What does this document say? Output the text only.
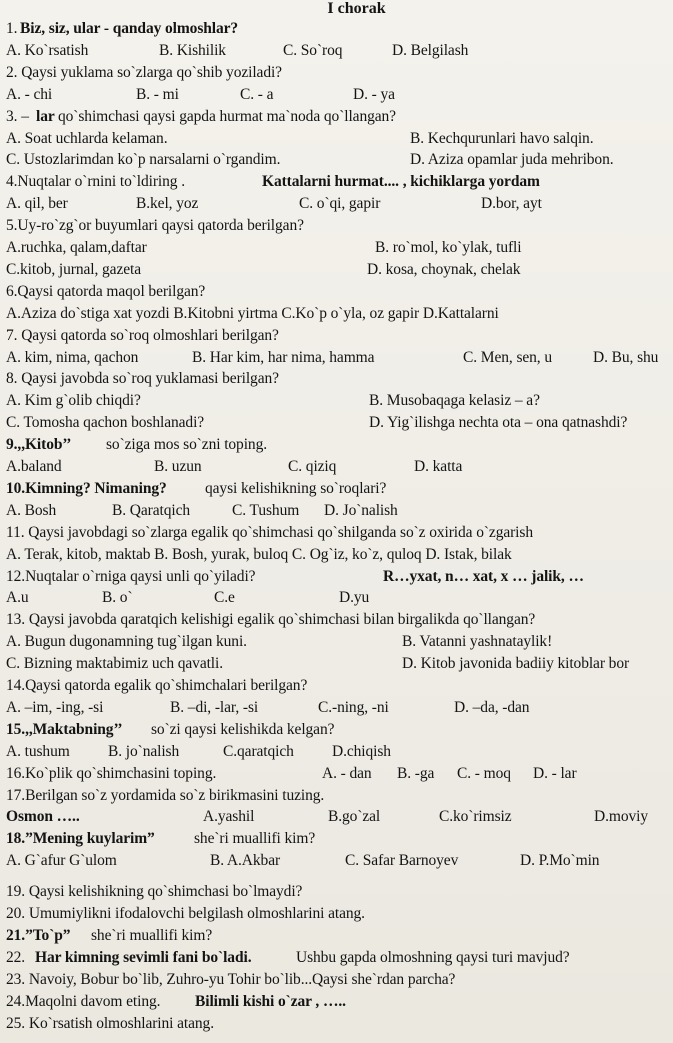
I chorak
1. Biz, siz, ular - qanday olmoshlar?
A. Ko`rsatish	B. Kishilik	C. So`roq	D. Belgilash
2. Qaysi yuklama so`zlarga qo`shib yoziladi?
A. - chi	B. - mi	C. - a	D. - ya
3. – lar qo`shimchasi qaysi gapda hurmat ma`noda qo`llangan?
A. Soat uchlarda kelaman.	B. Kechqurunlari havo salqin.
C. Ustozlarimdan ko`p narsalarni o`rgandim.	D. Aziza opamlar juda mehribon.
4.Nuqtalar o`rnini to`ldiring .	Kattalarni hurmat.... , kichiklarga yordam
A. qil, ber	B.kel, yoz	C. o`qi, gapir	D.bor, ayt
5.Uy-ro`zg`or buyumlari qaysi qatorda berilgan?
A.ruchka, qalam,daftar	B. ro`mol, ko`ylak, tufli
C.kitob, jurnal, gazeta	D. kosa, choynak, chelak
6.Qaysi qatorda maqol berilgan?
A.Aziza do`stiga xat yozdi B.Kitobni yirtma C.Ko`p o`yla, oz gapir D.Kattalarni
7. Qaysi qatorda so`roq olmoshlari berilgan?
A. kim, nima, qachon	B. Har kim, har nima, hamma	C. Men, sen, u	D. Bu, shu
8. Qaysi javobda so`roq yuklamasi berilgan?
A. Kim g`olib chiqdi?	B. Musobaqaga kelasiz – a?
C. Tomosha qachon boshlanadi?	D. Yig`ilishga nechta ota – ona qatnashdi?
9.,,Kitob’’ so`ziga mos so`zni toping.
A.baland	B. uzun	C. qiziq	D. katta
10.Kimning? Nimaning? qaysi kelishikning so`roqlari?
A. Bosh	B. Qaratqich	C. Tushum D. Jo`nalish
11. Qaysi javobdagi so`zlarga egalik qo`shimchasi qo`shilganda so`z oxirida o`zgarish
A. Terak, kitob, maktab B. Bosh, yurak, buloq C. Og`iz, ko`z, quloq D. Istak, bilak
12.Nuqtalar o`rniga qaysi unli qo`yiladi?	R…yxat, n… xat, x … jalik, …
A.u	B. o`	C.e	D.yu
13. Qaysi javobda qaratqich kelishigi egalik qo`shimchasi bilan birgalikda qo`llangan?
A. Bugun dugonamning tug`ilgan kuni.	B. Vatanni yashnataylik!
C. Bizning maktabimiz uch qavatli.	D. Kitob javonida badiiy kitoblar bor
14.Qaysi qatorda egalik qo`shimchalari berilgan?
A. –im, -ing, -si	B. –di, -lar, -si	C.-ning, -ni	D. –da, -dan
15.,,Maktabning’’ so`zi qaysi kelishikda kelgan?
A. tushum B. jo`nalish	C.qaratqich D.chiqish
16.Ko`plik qo`shimchasini toping.	A. - dan B. -ga C. - moq D. - lar
17.Berilgan so`z yordamida so`z birikmasini tuzing.
Osmon …..	A.yashil	B.go`zal	C.ko`rimsiz	D.moviy
18.”Mening kuylarim”	she`ri muallifi kim?
A. G`afur G`ulom	B. A.Akbar	C. Safar Barnoyev	D. P.Mo`min
19. Qaysi kelishikning qo`shimchasi bo`lmaydi?
20. Umumiylikni ifodalovchi belgilash olmoshlarini atang.
21.”To`p” she`ri muallifi kim?
22. Har kimning sevimli fani bo`ladi.	Ushbu gapda olmoshning qaysi turi mavjud?
23. Navoiy, Bobur bo`lib, Zuhro-yu Tohir bo`lib...Qaysi she`rdan parcha?
24.Maqolni davom eting. Bilimli kishi o`zar , …..
25. Ko`rsatish olmoshlarini atang.
